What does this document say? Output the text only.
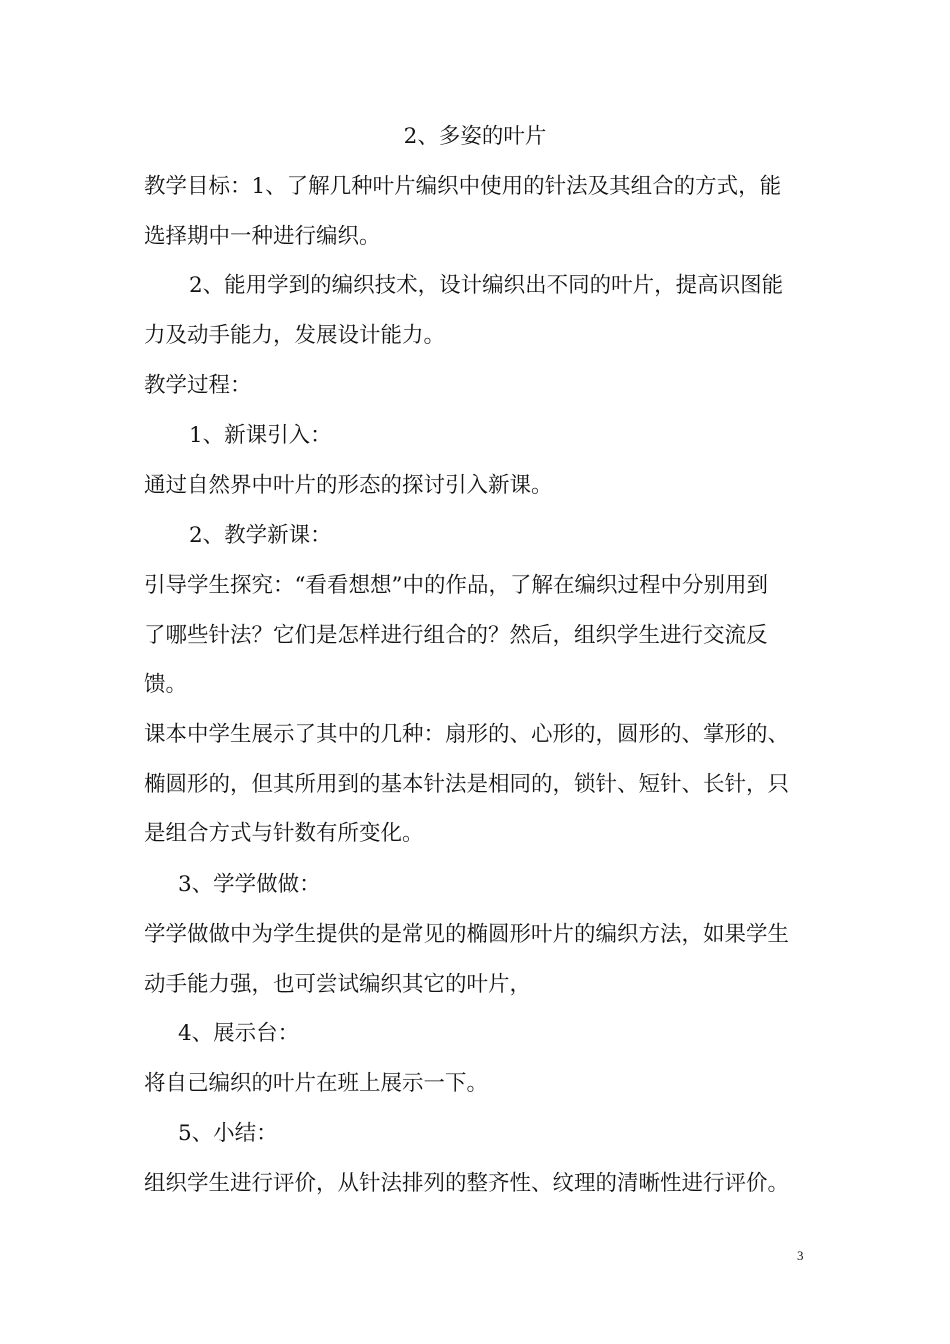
2、多姿的叶片

教学目标：1、了解几种叶片编织中使用的针法及其组合的方式，能

选择期中一种进行编织。

2、能用学到的编织技术，设计编织出不同的叶片，提高识图能

力及动手能力，发展设计能力。

教学过程：

1、新课引入：

通过自然界中叶片的形态的探讨引入新课。

2、教学新课：

引导学生探究：“看看想想”中的作品，了解在编织过程中分别用到

了哪些针法？它们是怎样进行组合的？然后，组织学生进行交流反

馈。

课本中学生展示了其中的几种：扇形的、心形的，圆形的、掌形的、

椭圆形的，但其所用到的基本针法是相同的，锁针、短针、长针，只

是组合方式与针数有所变化。

3、学学做做：

学学做做中为学生提供的是常见的椭圆形叶片的编织方法，如果学生

动手能力强，也可尝试编织其它的叶片，

4、展示台：

将自己编织的叶片在班上展示一下。

5、小结：

组织学生进行评价，从针法排列的整齐性、纹理的清晰性进行评价。

3
